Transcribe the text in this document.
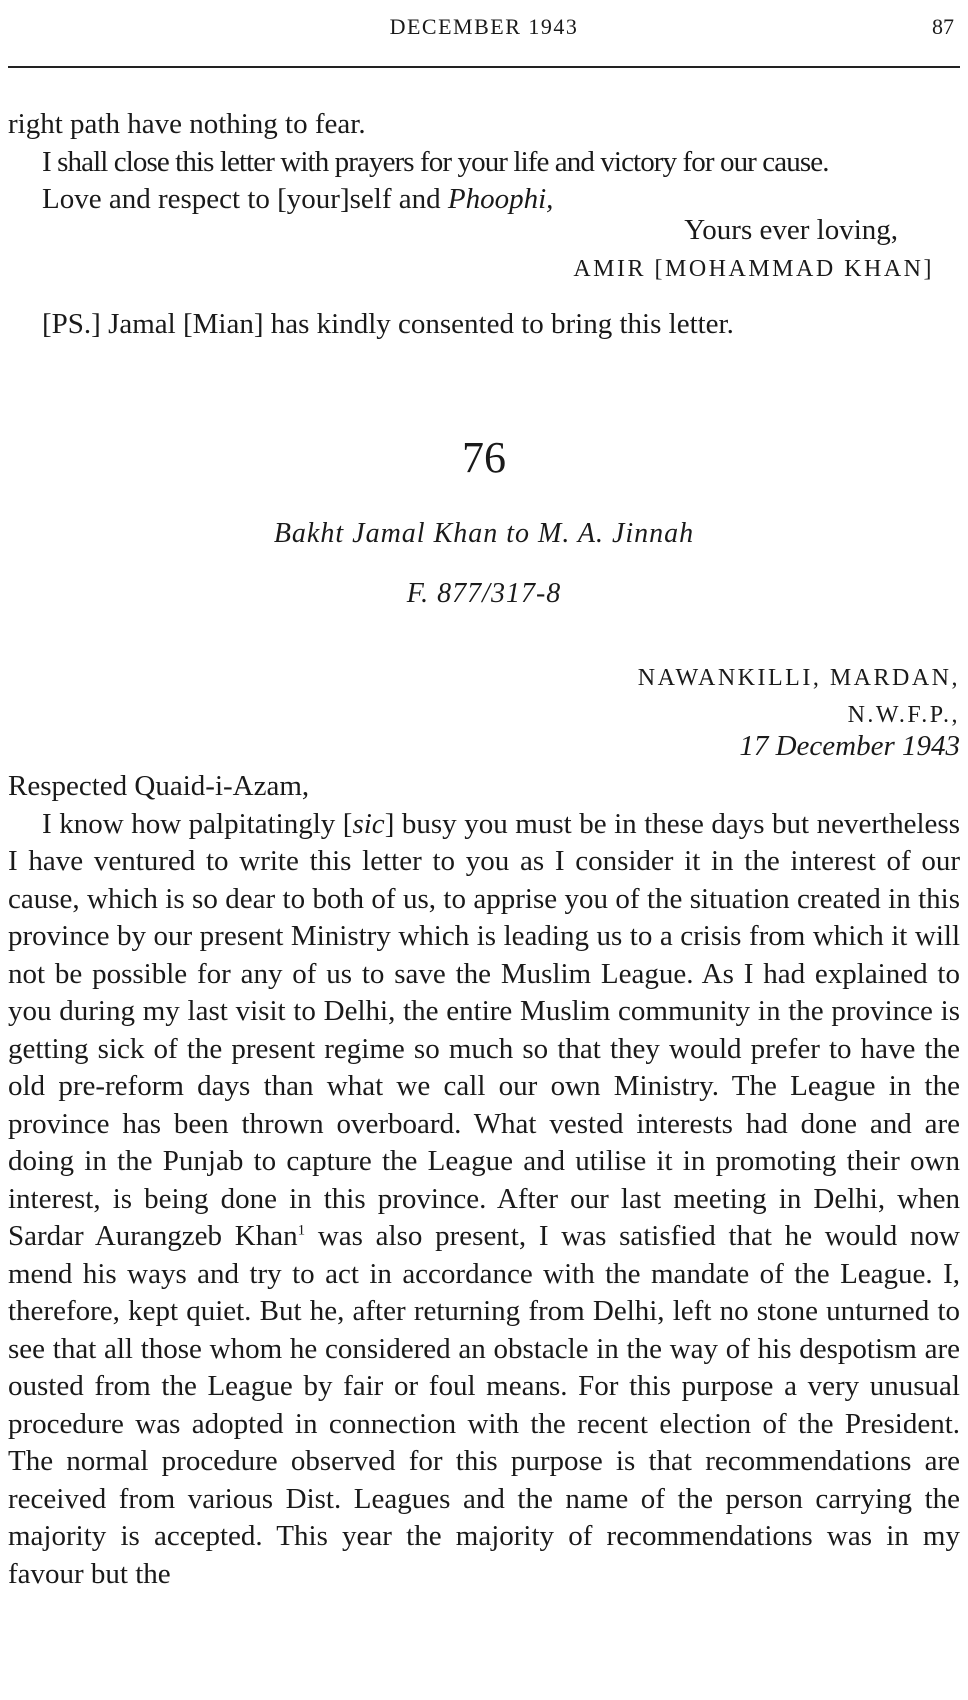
DECEMBER 1943	87

right path have nothing to fear.

I shall close this letter with prayers for your life and victory for our cause.

Love and respect to [your]self and Phoophi,

Yours ever loving,
AMIR [MOHAMMAD KHAN]

[PS.] Jamal [Mian] has kindly consented to bring this letter.

76
Bakht Jamal Khan to M. A. Jinnah
F. 877/317-8
NAWANKILLI, MARDAN,
N.W.F.P.,
17 December 1943

Respected Quaid-i-Azam,

I know how palpitatingly [sic] busy you must be in these days but nevertheless I have ventured to write this letter to you as I consider it in the interest of our cause, which is so dear to both of us, to apprise you of the situation created in this province by our present Ministry which is leading us to a crisis from which it will not be possible for any of us to save the Muslim League. As I had explained to you during my last visit to Delhi, the entire Muslim community in the province is getting sick of the present regime so much so that they would prefer to have the old pre-reform days than what we call our own Ministry. The League in the province has been thrown overboard. What vested interests had done and are doing in the Punjab to capture the League and utilise it in promoting their own interest, is being done in this province. After our last meeting in Delhi, when Sardar Aurangzeb Khan$^1$ was also present, I was satisfied that he would now mend his ways and try to act in accordance with the mandate of the League. I, therefore, kept quiet. But he, after returning from Delhi, left no stone unturned to see that all those whom he considered an obstacle in the way of his despotism are ousted from the League by fair or foul means. For this purpose a very unusual procedure was adopted in connection with the recent election of the President. The normal procedure observed for this purpose is that recommendations are received from various Dist. Leagues and the name of the person carrying the majority is accepted. This year the majority of recommendations was in my favour but the
